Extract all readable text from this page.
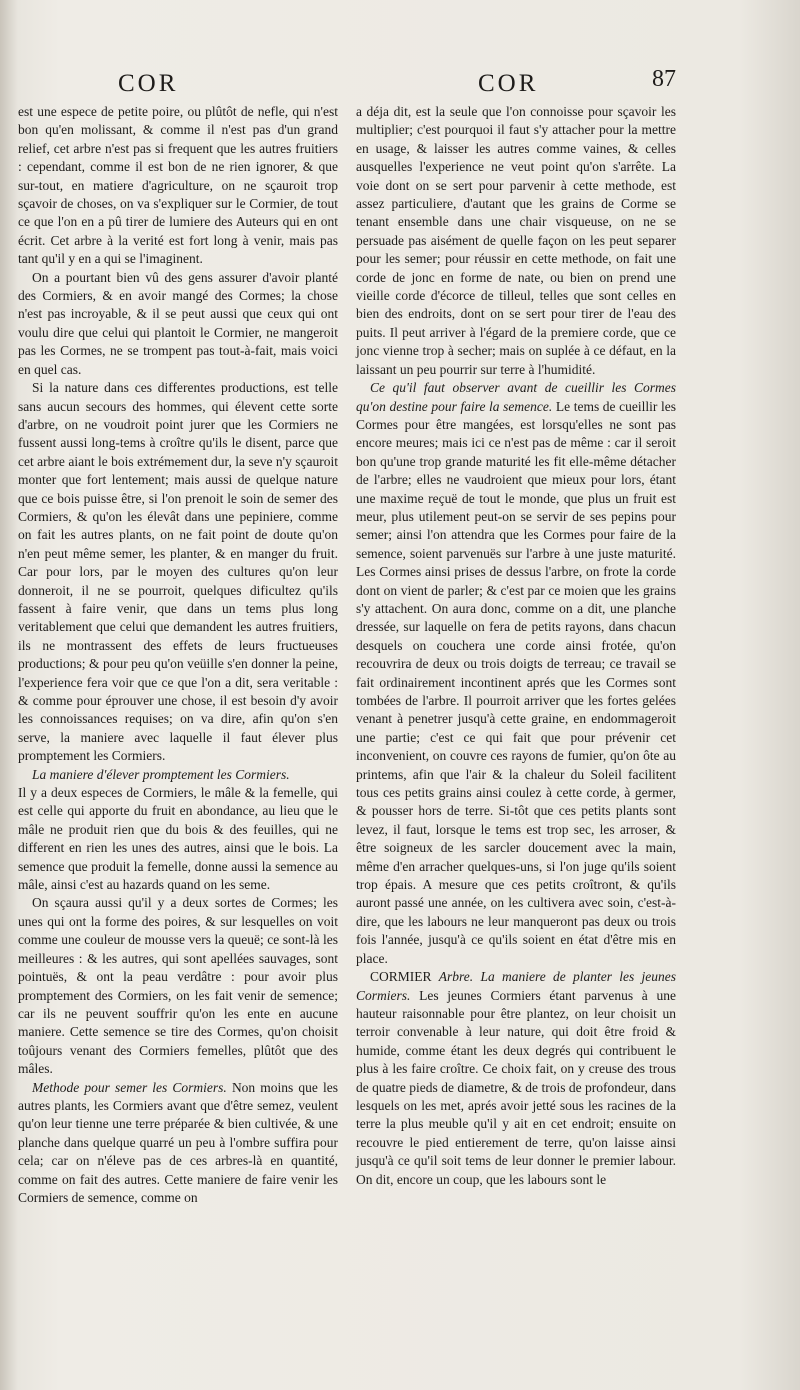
COR	COR	87

est une espece de petite poire, ou plûtôt de nefle, qui n'est bon qu'en molissant, & comme il n'est pas d'un grand relief, cet arbre n'est pas si frequent que les autres fruitiers : cependant, comme il est bon de ne rien ignorer, & que sur-tout, en matiere d'agriculture, on ne sçauroit trop sçavoir de choses, on va s'expliquer sur le Cormier, de tout ce que l'on en a pû tirer de lumiere des Auteurs qui en ont écrit. Cet arbre à la verité est fort long à venir, mais pas tant qu'il y en a qui se l'imaginent.

On a pourtant bien vû des gens assurer d'avoir planté des Cormiers, & en avoir mangé des Cormes; la chose n'est pas incroyable, & il se peut aussi que ceux qui ont voulu dire que celui qui plantoit le Cormier, ne mangeroit pas les Cormes, ne se trompent pas tout-à-fait, mais voici en quel cas.

Si la nature dans ces differentes productions, est telle sans aucun secours des hommes, qui élevent cette sorte d'arbre, on ne voudroit point jurer que les Cormiers ne fussent aussi long-tems à croître qu'ils le disent, parce que cet arbre aiant le bois extrémement dur, la seve n'y sçauroit monter que fort lentement; mais aussi de quelque nature que ce bois puisse être, si l'on prenoit le soin de semer des Cormiers, & qu'on les élevât dans une pepiniere, comme on fait les autres plants, on ne fait point de doute qu'on n'en peut même semer, les planter, & en manger du fruit. Car pour lors, par le moyen des cultures qu'on leur donneroit, il ne se pourroit, quelques dificultez qu'ils fassent à faire venir, que dans un tems plus long veritablement que celui que demandent les autres fruitiers, ils ne montrassent des effets de leurs fructueuses productions; & pour peu qu'on veüille s'en donner la peine, l'experience fera voir que ce que l'on a dit, sera veritable : & comme pour éprouver une chose, il est besoin d'y avoir les connoissances requises; on va dire, afin qu'on s'en serve, la maniere avec laquelle il faut élever plus promptement les Cormiers.

La maniere d'élever promptement les Cormiers.

Il y a deux especes de Cormiers, le mâle & la femelle, qui est celle qui apporte du fruit en abondance, au lieu que le mâle ne produit rien que du bois & des feuilles, qui ne different en rien les unes des autres, ainsi que le bois. La semence que produit la femelle, donne aussi la semence au mâle, ainsi c'est au hazards quand on les seme.

On sçaura aussi qu'il y a deux sortes de Cormes; les unes qui ont la forme des poires, & sur lesquelles on voit comme une couleur de mousse vers la queuë; ce sont-là les meilleures : & les autres, qui sont apellées sauvages, sont pointuës, & ont la peau verdâtre : pour avoir plus promptement des Cormiers, on les fait venir de semence; car ils ne peuvent souffrir qu'on les ente en aucune maniere. Cette semence se tire des Cormes, qu'on choisit toûjours venant des Cormiers femelles, plûtôt que des mâles.

Methode pour semer les Cormiers. Non moins que les autres plants, les Cormiers avant que d'être semez, veulent qu'on leur tienne une terre préparée & bien cultivée, & une planche dans quelque quarré un peu à l'ombre suffira pour cela; car on n'éleve pas de ces arbres-là en quantité, comme on fait des autres. Cette maniere de faire venir les Cormiers de semence, comme on

a déja dit, est la seule que l'on connoisse pour sçavoir les multiplier; c'est pourquoi il faut s'y attacher pour la mettre en usage, & laisser les autres comme vaines, & celles ausquelles l'experience ne veut point qu'on s'arrête. La voie dont on se sert pour parvenir à cette methode, est assez particuliere, d'autant que les grains de Corme se tenant ensemble dans une chair visqueuse, on ne se persuade pas aisément de quelle façon on les peut separer pour les semer; pour réussir en cette methode, on fait une corde de jonc en forme de nate, ou bien on prend une vieille corde d'écorce de tilleul, telles que sont celles en bien des endroits, dont on se sert pour tirer de l'eau des puits. Il peut arriver à l'égard de la premiere corde, que ce jonc vienne trop à secher; mais on suplée à ce défaut, en la laissant un peu pourrir sur terre à l'humidité.

Ce qu'il faut observer avant de cueillir les Cormes qu'on destine pour faire la semence. Le tems de cueillir les Cormes pour être mangées, est lorsqu'elles ne sont pas encore meures; mais ici ce n'est pas de même : car il seroit bon qu'une trop grande maturité les fit elle-même détacher de l'arbre; elles ne vaudroient que mieux pour lors, étant une maxime reçuë de tout le monde, que plus un fruit est meur, plus utilement peut-on se servir de ses pepins pour semer; ainsi l'on attendra que les Cormes pour faire de la semence, soient parvenuës sur l'arbre à une juste maturité. Les Cormes ainsi prises de dessus l'arbre, on frote la corde dont on vient de parler; & c'est par ce moien que les grains s'y attachent. On aura donc, comme on a dit, une planche dressée, sur laquelle on fera de petits rayons, dans chacun desquels on couchera une corde ainsi frotée, qu'on recouvrira de deux ou trois doigts de terreau; ce travail se fait ordinairement incontinent aprés que les Cormes sont tombées de l'arbre. Il pourroit arriver que les fortes gelées venant à penetrer jusqu'à cette graine, en endommageroit une partie; c'est ce qui fait que pour prévenir cet inconvenient, on couvre ces rayons de fumier, qu'on ôte au printems, afin que l'air & la chaleur du Soleil facilitent tous ces petits grains ainsi coulez à cette corde, à germer, & pousser hors de terre. Si-tôt que ces petits plants sont levez, il faut, lorsque le tems est trop sec, les arroser, & être soigneux de les sarcler doucement avec la main, même d'en arracher quelques-uns, si l'on juge qu'ils soient trop épais. A mesure que ces petits croîtront, & qu'ils auront passé une année, on les cultivera avec soin, c'est-à-dire, que les labours ne leur manqueront pas deux ou trois fois l'année, jusqu'à ce qu'ils soient en état d'être mis en place.

CORMIER Arbre. La maniere de planter les jeunes Cormiers. Les jeunes Cormiers étant parvenus à une hauteur raisonnable pour être plantez, on leur choisit un terroir convenable à leur nature, qui doit être froid & humide, comme étant les deux degrés qui contribuent le plus à les faire croître. Ce choix fait, on y creuse des trous de quatre pieds de diametre, & de trois de profondeur, dans lesquels on les met, aprés avoir jetté sous les racines de la terre la plus meuble qu'il y ait en cet endroit; ensuite on recouvre le pied entierement de terre, qu'on laisse ainsi jusqu'à ce qu'il soit tems de leur donner le premier labour. On dit, encore un coup, que les labours sont le
